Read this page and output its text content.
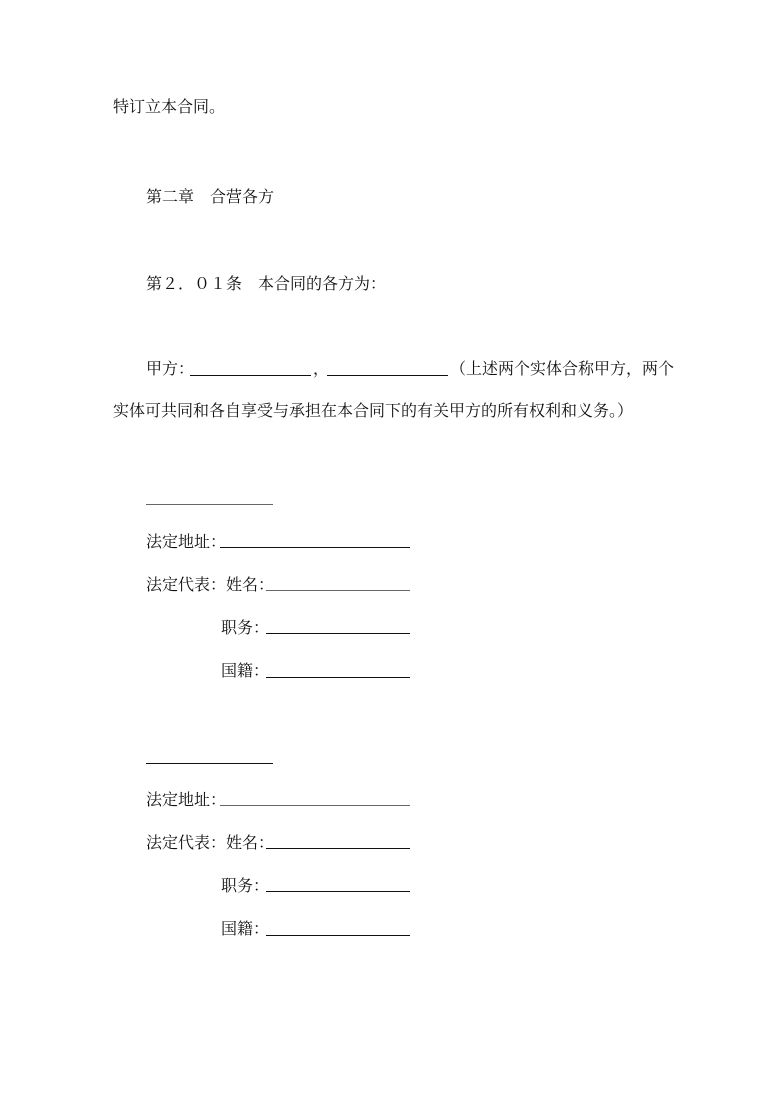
特订立本合同。
第二章　合营各方
第２．０１条　本合同的各方为：
甲方：	，	（上述两个实体合称甲方，两个
实体可共同和各自享受与承担在本合同下的有关甲方的所有权利和义务。）
法定地址：
法定代表：姓名：
职务：
国籍：
法定地址：
法定代表：姓名：
职务：
国籍：
